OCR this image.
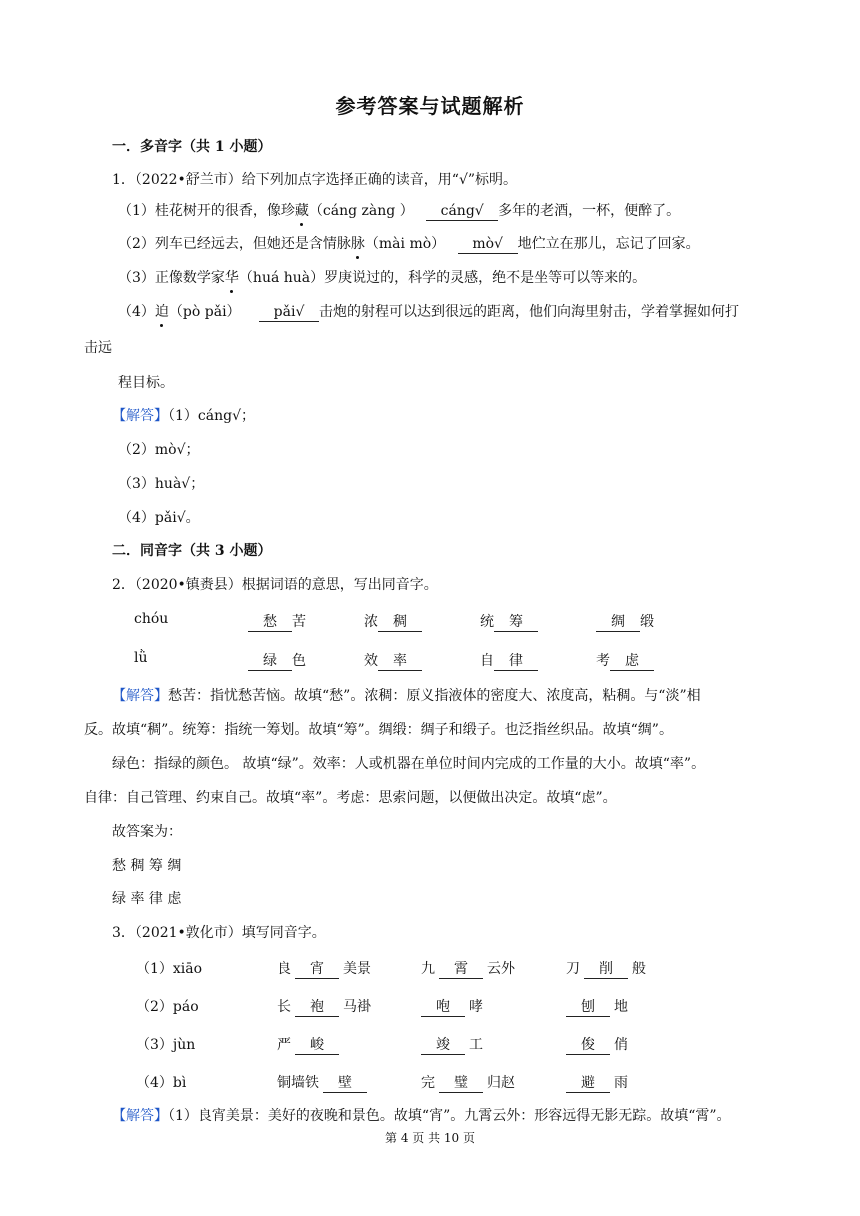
参考答案与试题解析
一．多音字（共 1 小题）
1．（2022•舒兰市）给下列加点字选择正确的读音，用“√”标明。
（1）桂花树开的很香，像珍藏（cáng zàng ） cáng√ 多年的老酒，一杯，便醉了。
（2）列车已经远去，但她还是含情脉脉（mài mò） mò√ 地伫立在那儿，忘记了回家。
（3）正像数学家华（huá huà）罗庚说过的，科学的灵感，绝不是坐等可以等来的。
（4）迫（pò pǎi） pǎi√ 击炮的射程可以达到很远的距离，他们向海里射击，学着掌握如何打
击远
程目标。
【解答】（1）cáng√；
（2）mò√；
（3）huà√；
（4）pǎi√。
二．同音字（共 3 小题）
2．（2020•镇赉县）根据词语的意思，写出同音字。
chóu	愁 苦	浓 稠	统 筹	绸 缎
lǜ	绿 色	效 率	自 律	考 虑
【解答】愁苦：指忧愁苦恼。故填“愁”。浓稠：原义指液体的密度大、浓度高，粘稠。与“淡”相
反。故填“稠”。统筹：指统一筹划。故填“筹”。绸缎：绸子和缎子。也泛指丝织品。故填“绸”。
绿色：指绿的颜色。 故填“绿”。效率：人或机器在单位时间内完成的工作量的大小。故填“率”。
自律：自己管理、约束自己。故填“率”。考虑：思索问题，以便做出决定。故填“虑”。
故答案为：
愁 稠 筹 绸
绿 率 律 虑
3．（2021•敦化市）填写同音字。
（1）xiāo	良 宵 美景	九 霄 云外	刀 削 般
（2）páo	长 袍 马褂	咆 哮	刨 地
（3）jùn	严 峻	竣 工	俊 俏
（4）bì	铜墙铁 壁	完 璧 归赵	避 雨
【解答】（1）良宵美景：美好的夜晚和景色。故填“宵”。九霄云外：形容远得无影无踪。故填“霄”。
第 4 页 共 10 页
